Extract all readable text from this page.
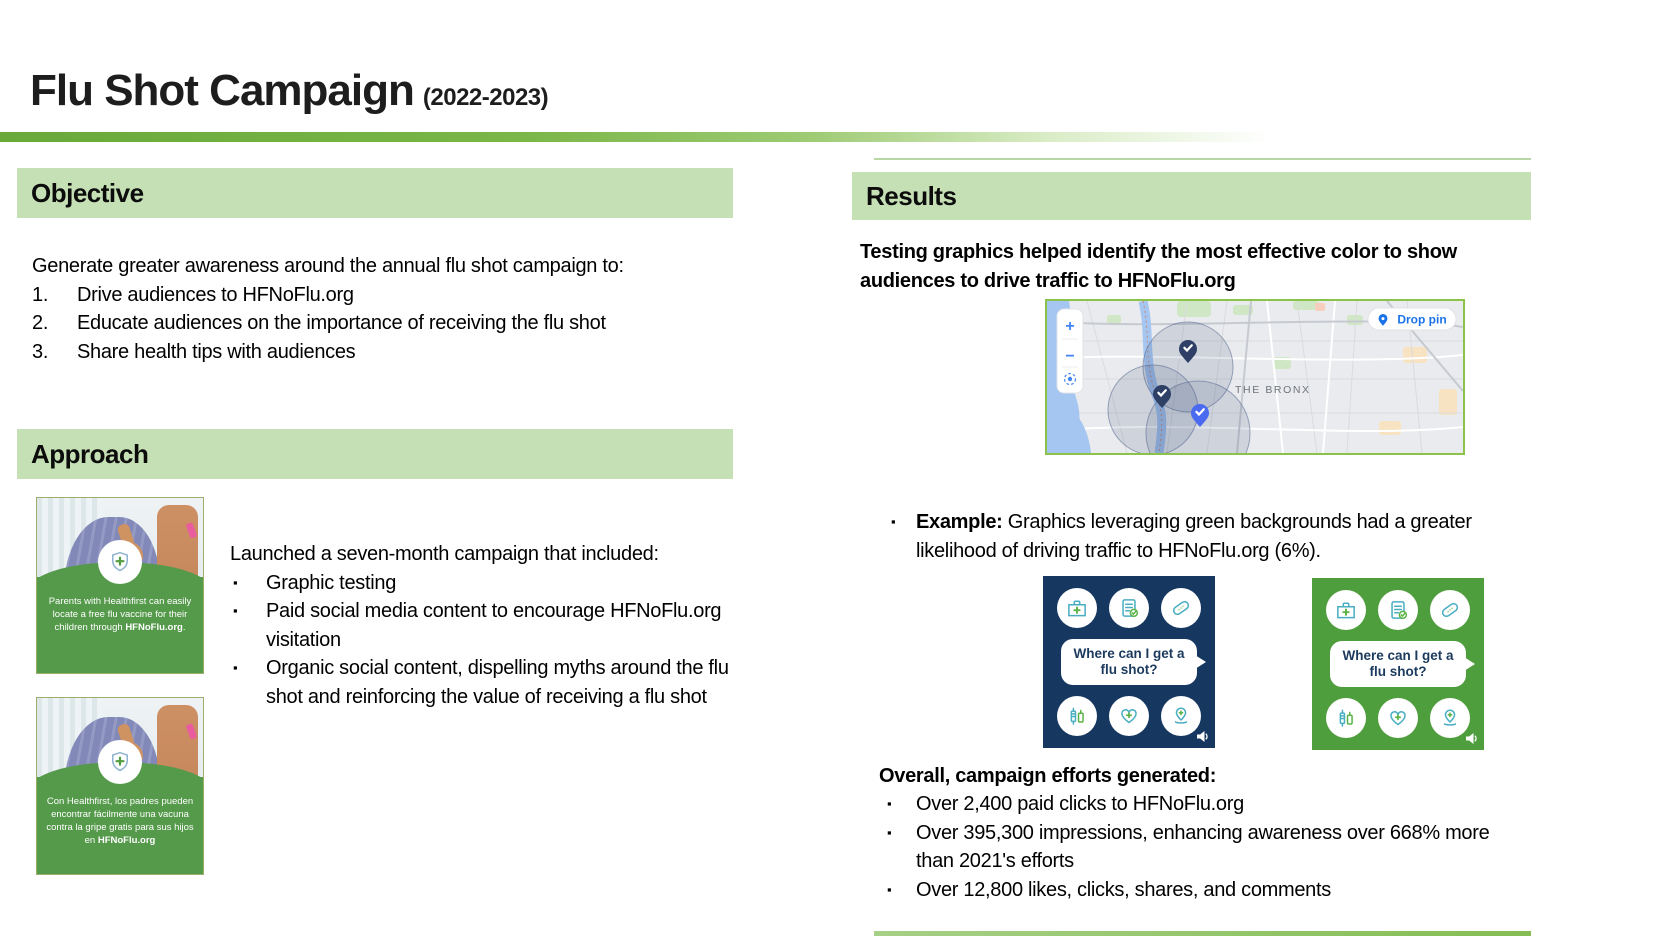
Flu Shot Campaign (2022-2023)
Objective

Generate greater awareness around the annual flu shot campaign to:

Drive audiences to HFNoFlu.org
Educate audiences on the importance of receiving the flu shot
Share health tips with audiences
Approach

Parents with Healthfirst can easily locate a free flu vaccine for their children through HFNoFlu.org.

Con Healthfirst, los padres pueden encontrar fácilmente una vacuna contra la gripe gratis para sus hijos en HFNoFlu.org

Launched a seven-month campaign that included:

▪	Graphic testing
▪	Paid social media content to encourage HFNoFlu.org visitation
▪	Organic social content, dispelling myths around the flu shot and reinforcing the value of receiving a flu shot
Results

Testing graphics helped identify the most effective color to show audiences to drive traffic to HFNoFlu.org

THE BRONX
+
−
Drop pin
▪	Example: Graphics leveraging green backgrounds had a greater likelihood of driving traffic to HFNoFlu.org (6%).
Where can I get a flu shot?
Where can I get a flu shot?

Overall, campaign efforts generated:

▪	Over 2,400 paid clicks to HFNoFlu.org
▪	Over 395,300 impressions, enhancing awareness over 668% more than 2021's efforts
▪	Over 12,800 likes, clicks, shares, and comments
